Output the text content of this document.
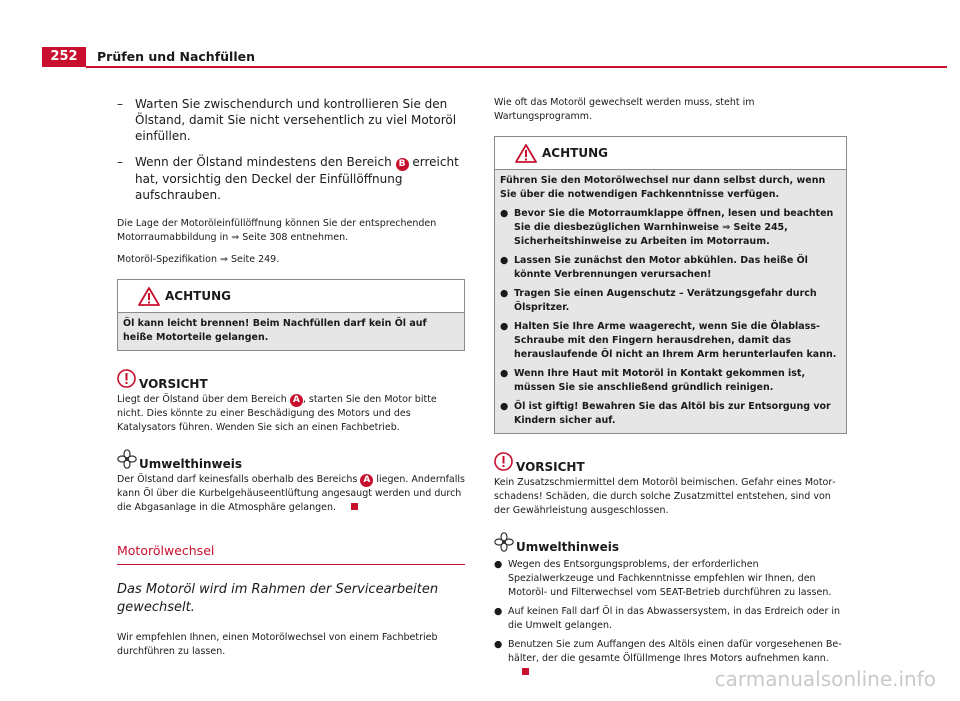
252	Prüfen und Nachfüllen
– Warten Sie zwischendurch und kontrollieren Sie den Ölstand, damit Sie nicht versehentlich zu viel Motoröl einfüllen.
– Wenn der Ölstand mindestens den Bereich B erreicht hat, vorsichtig den Deckel der Einfüllöffnung aufschrauben.
Die Lage der Motoröleinfüllöffnung können Sie der entsprechenden Motorraumabbildung in ⇒ Seite 308 entnehmen.
Motoröl-Spezifikation ⇒ Seite 249.
ACHTUNG
Öl kann leicht brennen! Beim Nachfüllen darf kein Öl auf heiße Motorteile gelangen.
VORSICHT
Liegt der Ölstand über dem Bereich A , starten Sie den Motor bitte nicht. Dies könnte zu einer Beschädigung des Motors und des Katalysators führen. Wenden Sie sich an einen Fachbetrieb.
Umwelthinweis
Der Ölstand darf keinesfalls oberhalb des Bereichs A liegen. Andernfalls kann Öl über die Kurbelgehäuseentlüftung angesaugt werden und durch die Abgasanlage in die Atmosphäre gelangen.
Motorölwechsel
Das Motoröl wird im Rahmen der Servicearbeiten gewechselt.
Wir empfehlen Ihnen, einen Motorölwechsel von einem Fachbetrieb durchführen zu lassen.
Wie oft das Motoröl gewechselt werden muss, steht im Wartungsprogramm.
ACHTUNG
Führen Sie den Motorölwechsel nur dann selbst durch, wenn Sie über die notwendigen Fachkenntnisse verfügen.
● Bevor Sie die Motorraumklappe öffnen, lesen und beachten Sie die diesbezüglichen Warnhinweise ⇒ Seite 245, Sicherheitshinweise zu Arbeiten im Motorraum.
● Lassen Sie zunächst den Motor abkühlen. Das heiße Öl könnte Verbrennungen verursachen!
● Tragen Sie einen Augenschutz – Verätzungsgefahr durch Ölspritzer.
● Halten Sie Ihre Arme waagerecht, wenn Sie die Ölablass-Schraube mit den Fingern herausdrehen, damit das herauslaufende Öl nicht an Ihrem Arm herunterlaufen kann.
● Wenn Ihre Haut mit Motoröl in Kontakt gekommen ist, müssen Sie sie anschließend gründlich reinigen.
● Öl ist giftig! Bewahren Sie das Altöl bis zur Entsorgung vor Kindern sicher auf.
VORSICHT
Kein Zusatzschmiermittel dem Motoröl beimischen. Gefahr eines Motorschadens! Schäden, die durch solche Zusatzmittel entstehen, sind von der Gewährleistung ausgeschlossen.
Umwelthinweis
● Wegen des Entsorgungsproblems, der erforderlichen Spezialwerkzeuge und Fachkenntnisse empfehlen wir Ihnen, den Motoröl- und Filterwechsel vom SEAT-Betrieb durchführen zu lassen.
● Auf keinen Fall darf Öl in das Abwassersystem, in das Erdreich oder in die Umwelt gelangen.
● Benutzen Sie zum Auffangen des Altöls einen dafür vorgesehenen Behälter, der die gesamte Ölfüllmenge Ihres Motors aufnehmen kann.
carmanualsonline.info
